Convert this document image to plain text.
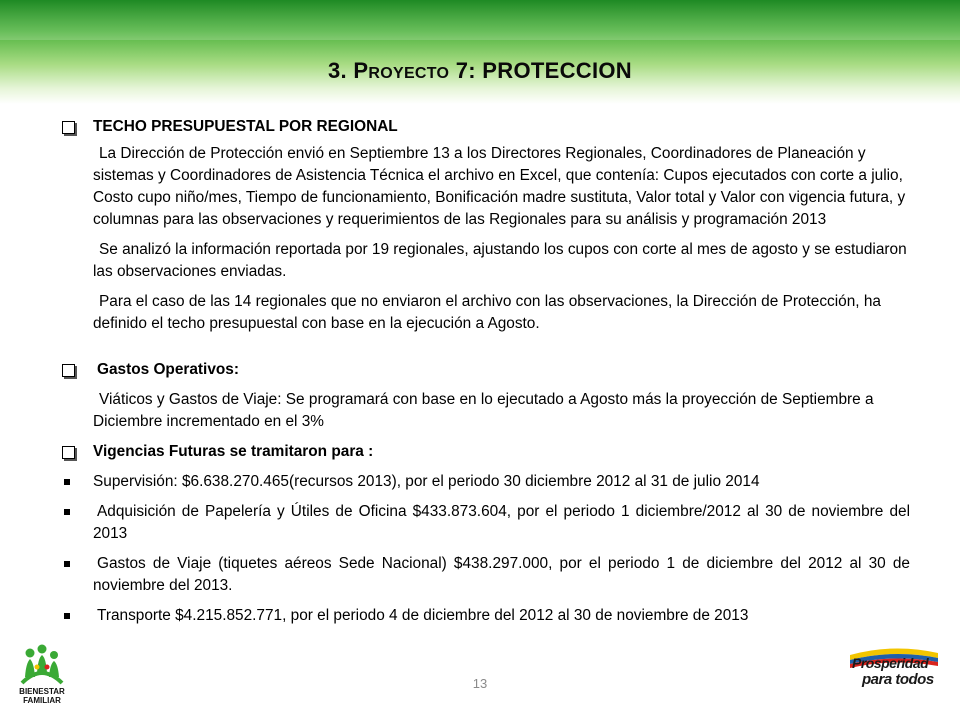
3. PROYECTO 7: PROTECCION
TECHO PRESUPUESTAL POR REGIONAL

La Dirección de Protección envió en Septiembre 13 a los Directores Regionales, Coordinadores de Planeación y sistemas y Coordinadores de Asistencia Técnica el archivo en Excel, que contenía: Cupos ejecutados con corte a julio, Costo cupo niño/mes, Tiempo de funcionamiento, Bonificación madre sustituta, Valor total y Valor con vigencia futura, y columnas para las observaciones y requerimientos de las Regionales para su análisis y programación 2013

Se analizó la información reportada por 19 regionales, ajustando los cupos con corte al mes de agosto y se estudiaron las observaciones enviadas.

Para el caso de las 14 regionales que no enviaron el archivo con las observaciones, la Dirección de Protección, ha definido el techo presupuestal con base en la ejecución a Agosto.

Gastos Operativos:

Viáticos y Gastos de Viaje: Se programará con base en lo ejecutado a Agosto más la proyección de Septiembre a Diciembre incrementado en el 3%

Vigencias Futuras se tramitaron para :
Supervisión: $6.638.270.465(recursos 2013), por el periodo 30 diciembre 2012 al 31 de julio 2014
Adquisición de Papelería y Útiles de Oficina $433.873.604, por el periodo 1 diciembre/2012 al 30 de noviembre del 2013
Gastos de Viaje (tiquetes aéreos Sede Nacional) $438.297.000, por el periodo 1 de diciembre del 2012 al 30 de noviembre del 2013.
Transporte $4.215.852.771, por el periodo 4 de diciembre del 2012 al 30 de noviembre de 2013
13
BIENESTAR
FAMILIAR
Prosperidad
para todos
